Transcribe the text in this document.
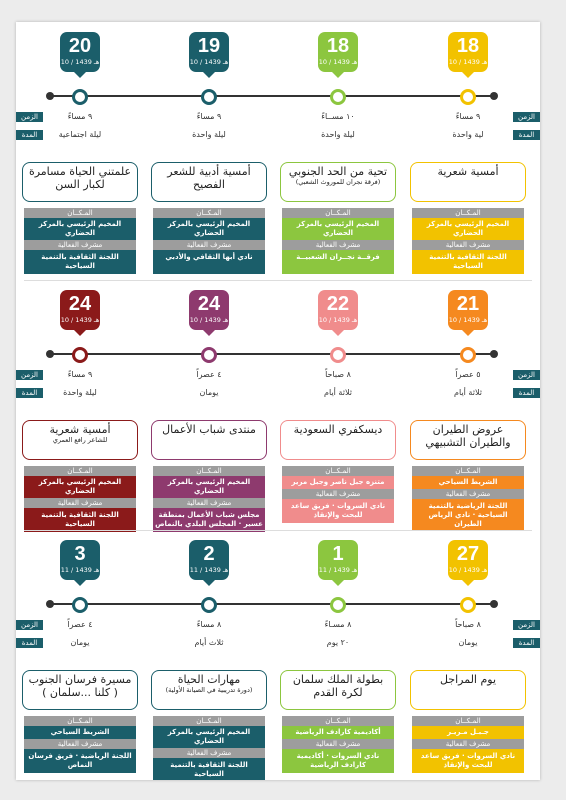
الزمن
الزمن
المدة
المدة
18
10 / 1439 هـ
٩ مساءً
لية واحدة
أمسية شعرية
المـكــان
المخيم الرئيسي بالمركز الحضاري
مشرف الفعالية
اللجنة الثقافية بالتنمية السياحية
18
10 / 1439 هـ
١٠ مســاءً
ليلة واحدة
تحية من الحد الجنوبي
(فرقة نجران للموروث الشعبي)
المـكــان
المخيم الرئيسي بالمركز الحضاري
مشرف الفعالية
فرقــة نجــران الشعبيــة
19
10 / 1439 هـ
٩ مساءً
ليلة واحدة
أمسية أدبية للشعر الفصيح
المـكــان
المخيم الرئيسي بالمركز الحضاري
مشرف الفعالية
نادي أبها الثقافي والأدبي
20
10 / 1439 هـ
٩ مساءً
ليلة اجتماعية
علمتني الحياة مسامرة لكبار السن
المـكــان
المخيم الرئيسي بالمركز الحضاري
مشرف الفعالية
اللجنة الثقافية بالتنمية السياحية
الزمن
الزمن
المدة
المدة
21
10 / 1439 هـ
٥ عصراً
ثلاثة أيام
عروض الطيران والطيران التشبيهي
المـكــان
الشريط السياحي
مشرف الفعالية
اللجنة الرياضية بالتنمية السياحية · نادي الرياض الطيران
22
10 / 1439 هـ
٨ صباحاً
ثلاثة أيام
ديسكفري السعودية
المـكــان
متنزه جبل ناصر وجبل مرير
مشرف الفعالية
نادي السروات · فريق ساعد للبحث والإنقاذ
24
10 / 1439 هـ
٤ عصراً
يومان
منتدى شباب الأعمال
المـكــان
المخيم الرئيسي بالمركز الحضاري
مشرف الفعالية
مجلس شباب الأعمال بمنطقة عسير · المجلس البلدي بالنماص
24
10 / 1439 هـ
٩ مساءً
ليلة واحدة
أمسية شعرية
للشاعر رافع العمري
المـكــان
المخيم الرئيسي بالمركز الحضاري
مشرف الفعالية
اللجنة الثقافية بالتنمية السياحية
الزمن
الزمن
المدة
المدة
27
10 / 1439 هـ
٨ صباحاً
يومان
يوم المراجل
المـكــان
جـبـل مـريـر
مشرف الفعالية
نادي السروات · فريق ساعد للبحث والإنقاذ
1
11 / 1439 هـ
٨ مسـاءً
٢٠ يوم
بطولة الملك سلمان لكرة القدم
المـكــان
أكاديمية كارادف الرياضية
مشرف الفعالية
نادي السروات · أكاديمية كارادف الرياضية
2
11 / 1439 هـ
٨ مساءً
ثلاث أيام
مهارات الحياة
(دورة تدريبية في الصيانة الأولية)
المـكــان
المخيم الرئيسي بالمركز الحضاري
مشرف الفعالية
اللجنة الثقافية بالتنمية السياحية
3
11 / 1439 هـ
٤ عصراً
يومان
مسيرة فرسان الجنوب ( كلنا ...سلمان )
المـكــان
الشريط السياحي
مشرف الفعالية
اللجنة الرياضية · فريق فرسان النماص
